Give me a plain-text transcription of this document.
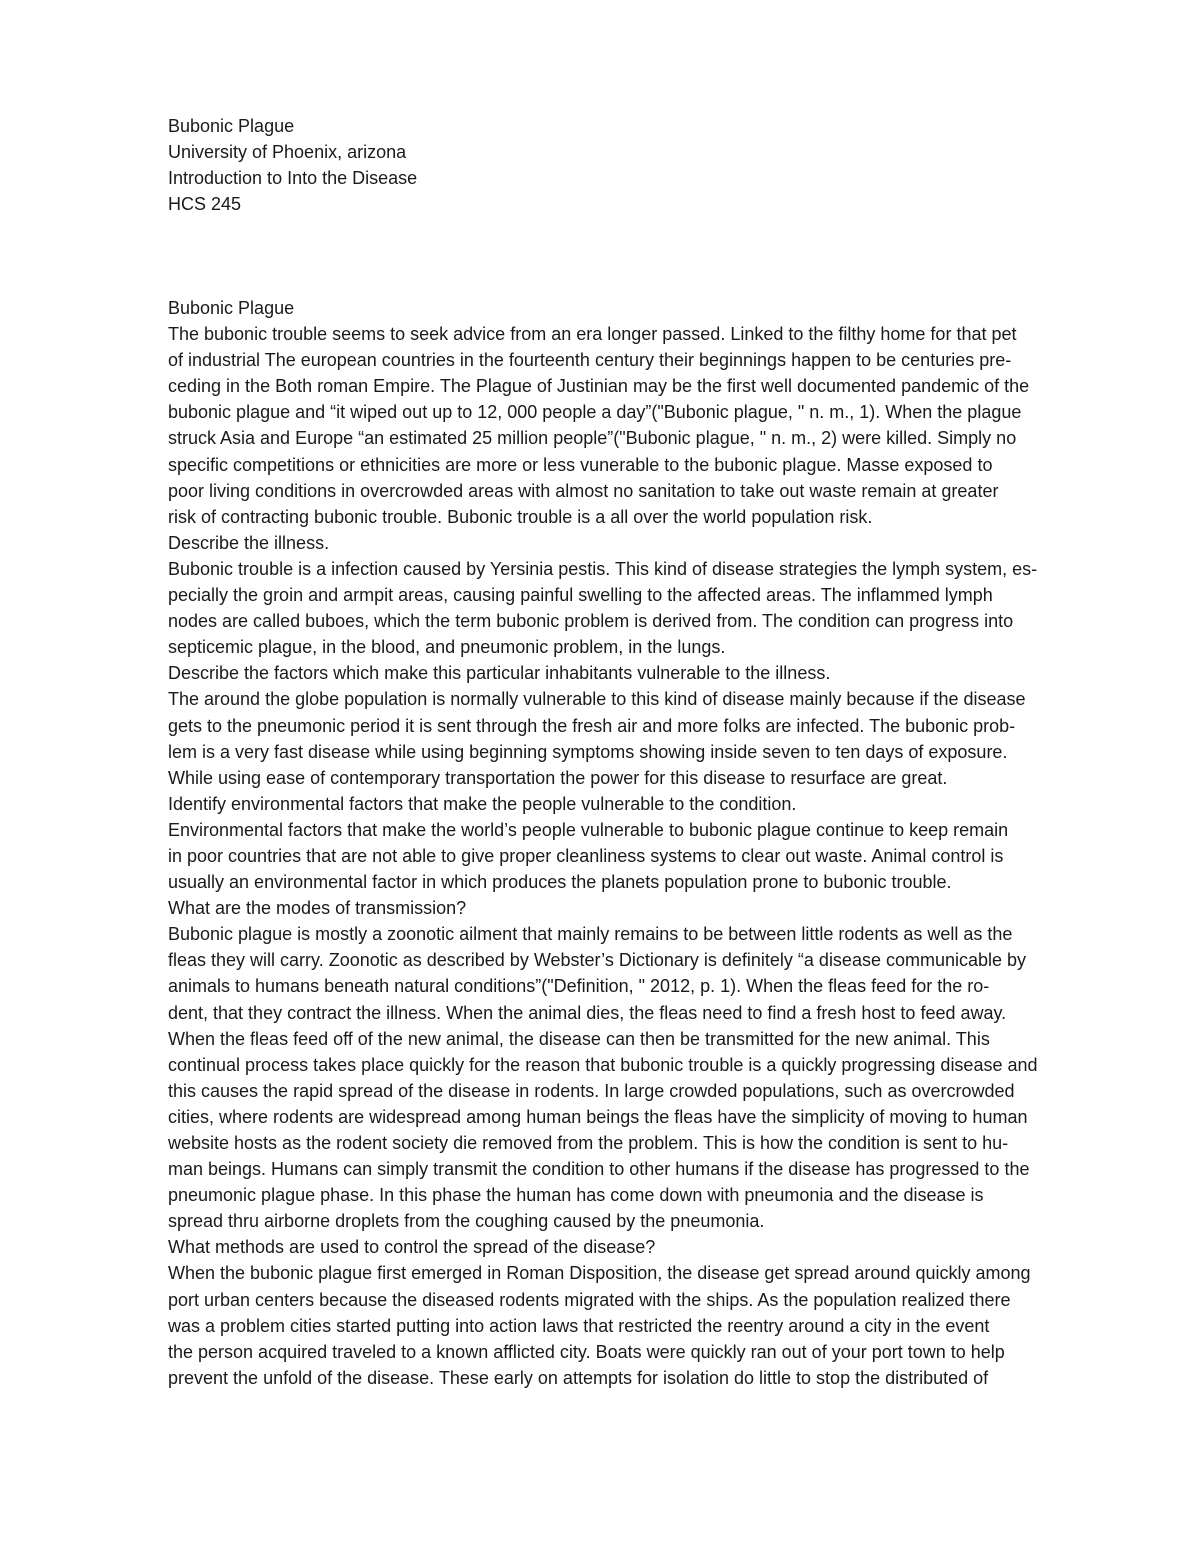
Bubonic Plague
University of Phoenix, arizona
Introduction to Into the Disease
HCS 245
Bubonic Plague
The bubonic trouble seems to seek advice from an era longer passed. Linked to the filthy home for that pet
of industrial The european countries in the fourteenth century their beginnings happen to be centuries pre-
ceding in the Both roman Empire. The Plague of Justinian may be the first well documented pandemic of the
bubonic plague and “it wiped out up to 12, 000 people a day”("Bubonic plague, " n. m., 1). When the plague
struck Asia and Europe “an estimated 25 million people”("Bubonic plague, " n. m., 2) were killed. Simply no
specific competitions or ethnicities are more or less vunerable to the bubonic plague. Masse exposed to
poor living conditions in overcrowded areas with almost no sanitation to take out waste remain at greater
risk of contracting bubonic trouble. Bubonic trouble is a all over the world population risk.
Describe the illness.
Bubonic trouble is a infection caused by Yersinia pestis. This kind of disease strategies the lymph system, es-
pecially the groin and armpit areas, causing painful swelling to the affected areas. The inflammed lymph
nodes are called buboes, which the term bubonic problem is derived from. The condition can progress into
septicemic plague, in the blood, and pneumonic problem, in the lungs.
Describe the factors which make this particular inhabitants vulnerable to the illness.
The around the globe population is normally vulnerable to this kind of disease mainly because if the disease
gets to the pneumonic period it is sent through the fresh air and more folks are infected. The bubonic prob-
lem is a very fast disease while using beginning symptoms showing inside seven to ten days of exposure.
While using ease of contemporary transportation the power for this disease to resurface are great.
Identify environmental factors that make the people vulnerable to the condition.
Environmental factors that make the world’s people vulnerable to bubonic plague continue to keep remain
in poor countries that are not able to give proper cleanliness systems to clear out waste. Animal control is
usually an environmental factor in which produces the planets population prone to bubonic trouble.
What are the modes of transmission?
Bubonic plague is mostly a zoonotic ailment that mainly remains to be between little rodents as well as the
fleas they will carry. Zoonotic as described by Webster’s Dictionary is definitely “a disease communicable by
animals to humans beneath natural conditions”("Definition, " 2012, p. 1). When the fleas feed for the ro-
dent, that they contract the illness. When the animal dies, the fleas need to find a fresh host to feed away.
When the fleas feed off of the new animal, the disease can then be transmitted for the new animal. This
continual process takes place quickly for the reason that bubonic trouble is a quickly progressing disease and
this causes the rapid spread of the disease in rodents. In large crowded populations, such as overcrowded
cities, where rodents are widespread among human beings the fleas have the simplicity of moving to human
website hosts as the rodent society die removed from the problem. This is how the condition is sent to hu-
man beings. Humans can simply transmit the condition to other humans if the disease has progressed to the
pneumonic plague phase. In this phase the human has come down with pneumonia and the disease is
spread thru airborne droplets from the coughing caused by the pneumonia.
What methods are used to control the spread of the disease?
When the bubonic plague first emerged in Roman Disposition, the disease get spread around quickly among
port urban centers because the diseased rodents migrated with the ships. As the population realized there
was a problem cities started putting into action laws that restricted the reentry around a city in the event
the person acquired traveled to a known afflicted city. Boats were quickly ran out of your port town to help
prevent the unfold of the disease. These early on attempts for isolation do little to stop the distributed of
